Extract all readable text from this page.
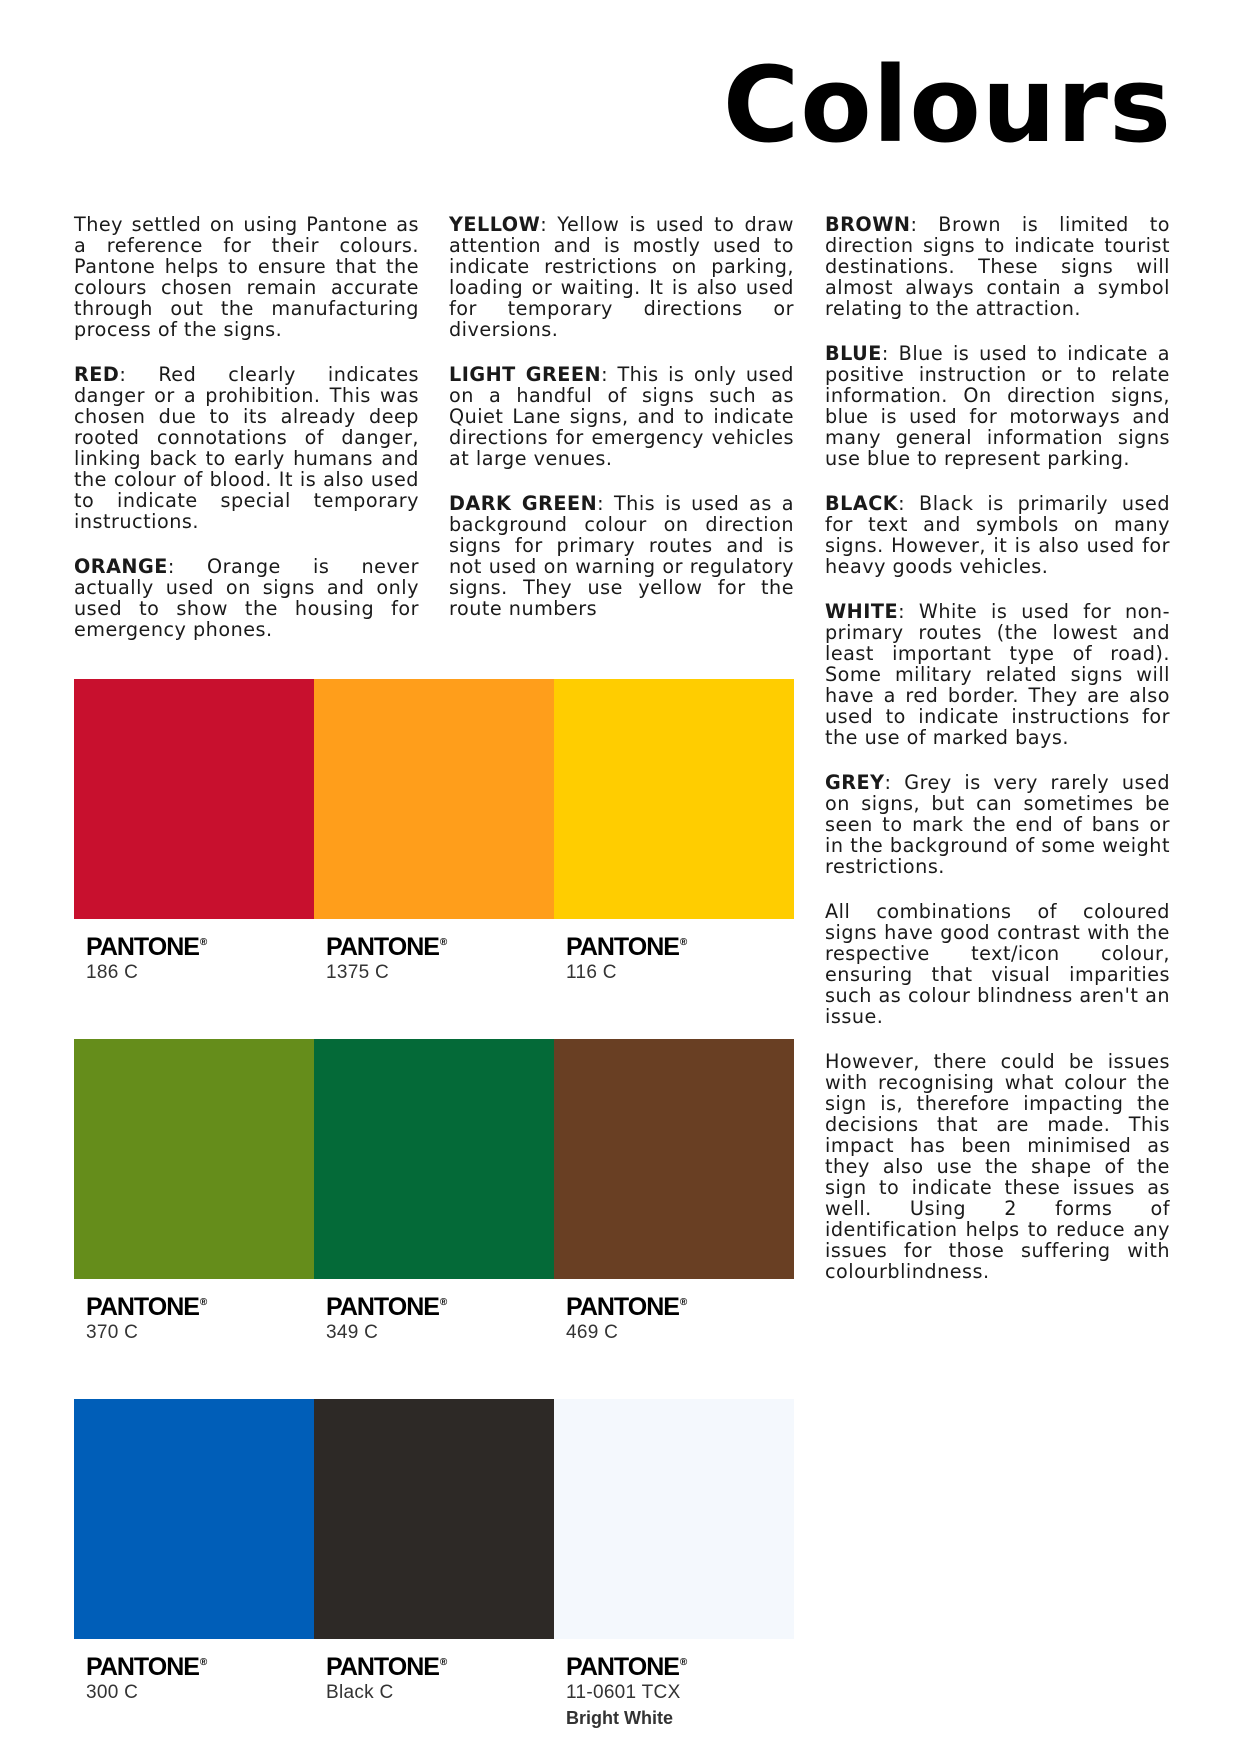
Colours

They settled on using Pantone as a reference for their colours. Pantone helps to ensure that the colours chosen remain accurate through out the manufacturing process of the signs.

RED: Red clearly indicates danger or a prohibition. This was chosen due to its already deep rooted connotations of danger, linking back to early humans and the colour of blood. It is also used to indicate special temporary instructions.

ORANGE: Orange is never actually used on signs and only used to show the housing for emergency phones.

YELLOW: Yellow is used to draw attention and is mostly used to indicate restrictions on parking, loading or waiting. It is also used for temporary directions or diversions.

LIGHT GREEN: This is only used on a handful of signs such as Quiet Lane signs, and to indicate directions for emergency vehicles at large venues.

DARK GREEN: This is used as a background colour on direction signs for primary routes and is not used on warning or regulatory signs. They use yellow for the route numbers

BROWN: Brown is limited to direction signs to indicate tourist destinations. These signs will almost always contain a symbol relating to the attraction.

BLUE: Blue is used to indicate a positive instruction or to relate information. On direction signs, blue is used for motorways and many general information signs use blue to represent parking.

BLACK: Black is primarily used for text and symbols on many signs. However, it is also used for heavy goods vehicles.

WHITE: White is used for non-primary routes (the lowest and least important type of road). Some military related signs will have a red border. They are also used to indicate instructions for the use of marked bays.

GREY: Grey is very rarely used on signs, but can sometimes be seen to mark the end of bans or in the background of some weight restrictions.

All combinations of coloured signs have good contrast with the respective text/icon colour, ensuring that visual imparities such as colour blindness aren't an issue.

However, there could be issues with recognising what colour the sign is, therefore impacting the decisions that are made. This impact has been minimised as they also use the shape of the sign to indicate these issues as well. Using 2 forms of identification helps to reduce any issues for those suffering with colourblindness.

PANTONE®
186 C
PANTONE®
1375 C
PANTONE®
116 C
PANTONE®
370 C
PANTONE®
349 C
PANTONE®
469 C
PANTONE®
300 C
PANTONE®
Black C
PANTONE®
11-0601 TCX
Bright White
